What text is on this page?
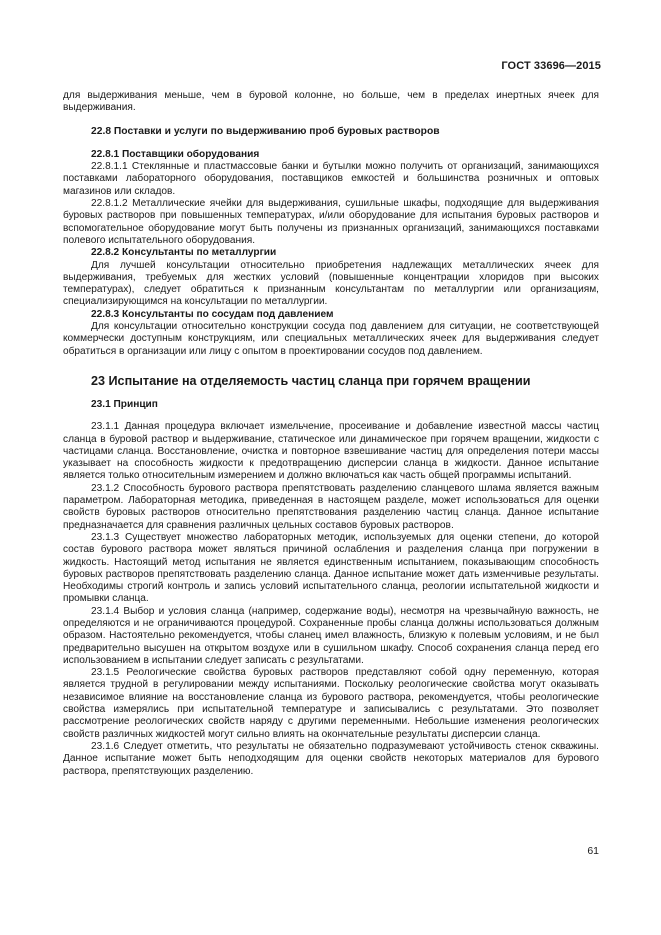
ГОСТ 33696—2015

для выдерживания меньше, чем в буровой колонне, но больше, чем в пределах инертных ячеек для выдерживания.

22.8 Поставки и услуги по выдерживанию проб буровых растворов

22.8.1 Поставщики оборудования

22.8.1.1 Стеклянные и пластмассовые банки и бутылки можно получить от организаций, занимающихся поставками лабораторного оборудования, поставщиков емкостей и большинства розничных и оптовых магазинов или складов.

22.8.1.2 Металлические ячейки для выдерживания, сушильные шкафы, подходящие для выдерживания буровых растворов при повышенных температурах, и/или оборудование для испытания буровых растворов и вспомогательное оборудование могут быть получены из признанных организаций, занимающихся поставками полевого испытательного оборудования.

22.8.2 Консультанты по металлургии

Для лучшей консультации относительно приобретения надлежащих металлических ячеек для выдерживания, требуемых для жестких условий (повышенные концентрации хлоридов при высоких температурах), следует обратиться к признанным консультантам по металлургии или организациям, специализирующимся на консультации по металлургии.

22.8.3 Консультанты по сосудам под давлением

Для консультации относительно конструкции сосуда под давлением для ситуации, не соответствующей коммерчески доступным конструкциям, или специальных металлических ячеек для выдерживания следует обратиться в организации или лицу с опытом в проектировании сосудов под давлением.

23 Испытание на отделяемость частиц сланца при горячем вращении

23.1 Принцип

23.1.1 Данная процедура включает измельчение, просеивание и добавление известной массы частиц сланца в буровой раствор и выдерживание, статическое или динамическое при горячем вращении, жидкости с частицами сланца. Восстановление, очистка и повторное взвешивание частиц для определения потери массы указывает на способность жидкости к предотвращению дисперсии сланца в жидкости. Данное испытание является только относительным измерением и должно включаться как часть общей программы испытаний.

23.1.2 Способность бурового раствора препятствовать разделению сланцевого шлама является важным параметром. Лабораторная методика, приведенная в настоящем разделе, может использоваться для оценки свойств буровых растворов относительно препятствования разделению частиц сланца. Данное испытание предназначается для сравнения различных цельных составов буровых растворов.

23.1.3 Существует множество лабораторных методик, используемых для оценки степени, до которой состав бурового раствора может являться причиной ослабления и разделения сланца при погружении в жидкость. Настоящий метод испытания не является единственным испытанием, показывающим способность буровых растворов препятствовать разделению сланца. Данное испытание может дать изменчивые результаты. Необходимы строгий контроль и запись условий испытательного сланца, реологии испытательной жидкости и промывки сланца.

23.1.4 Выбор и условия сланца (например, содержание воды), несмотря на чрезвычайную важность, не определяются и не ограничиваются процедурой. Сохраненные пробы сланца должны использоваться должным образом. Настоятельно рекомендуется, чтобы сланец имел влажность, близкую к полевым условиям, и не был предварительно высушен на открытом воздухе или в сушильном шкафу. Способ сохранения сланца перед его использованием в испытании следует записать с результатами.

23.1.5 Реологические свойства буровых растворов представляют собой одну переменную, которая является трудной в регулировании между испытаниями. Поскольку реологические свойства могут оказывать независимое влияние на восстановление сланца из бурового раствора, рекомендуется, чтобы реологические свойства измерялись при испытательной температуре и записывались с результатами. Это позволяет рассмотрение реологических свойств наряду с другими переменными. Небольшие изменения реологических свойств различных жидкостей могут сильно влиять на окончательные результаты дисперсии сланца.

23.1.6 Следует отметить, что результаты не обязательно подразумевают устойчивость стенок скважины. Данное испытание может быть неподходящим для оценки свойств некоторых материалов для бурового раствора, препятствующих разделению.

61
